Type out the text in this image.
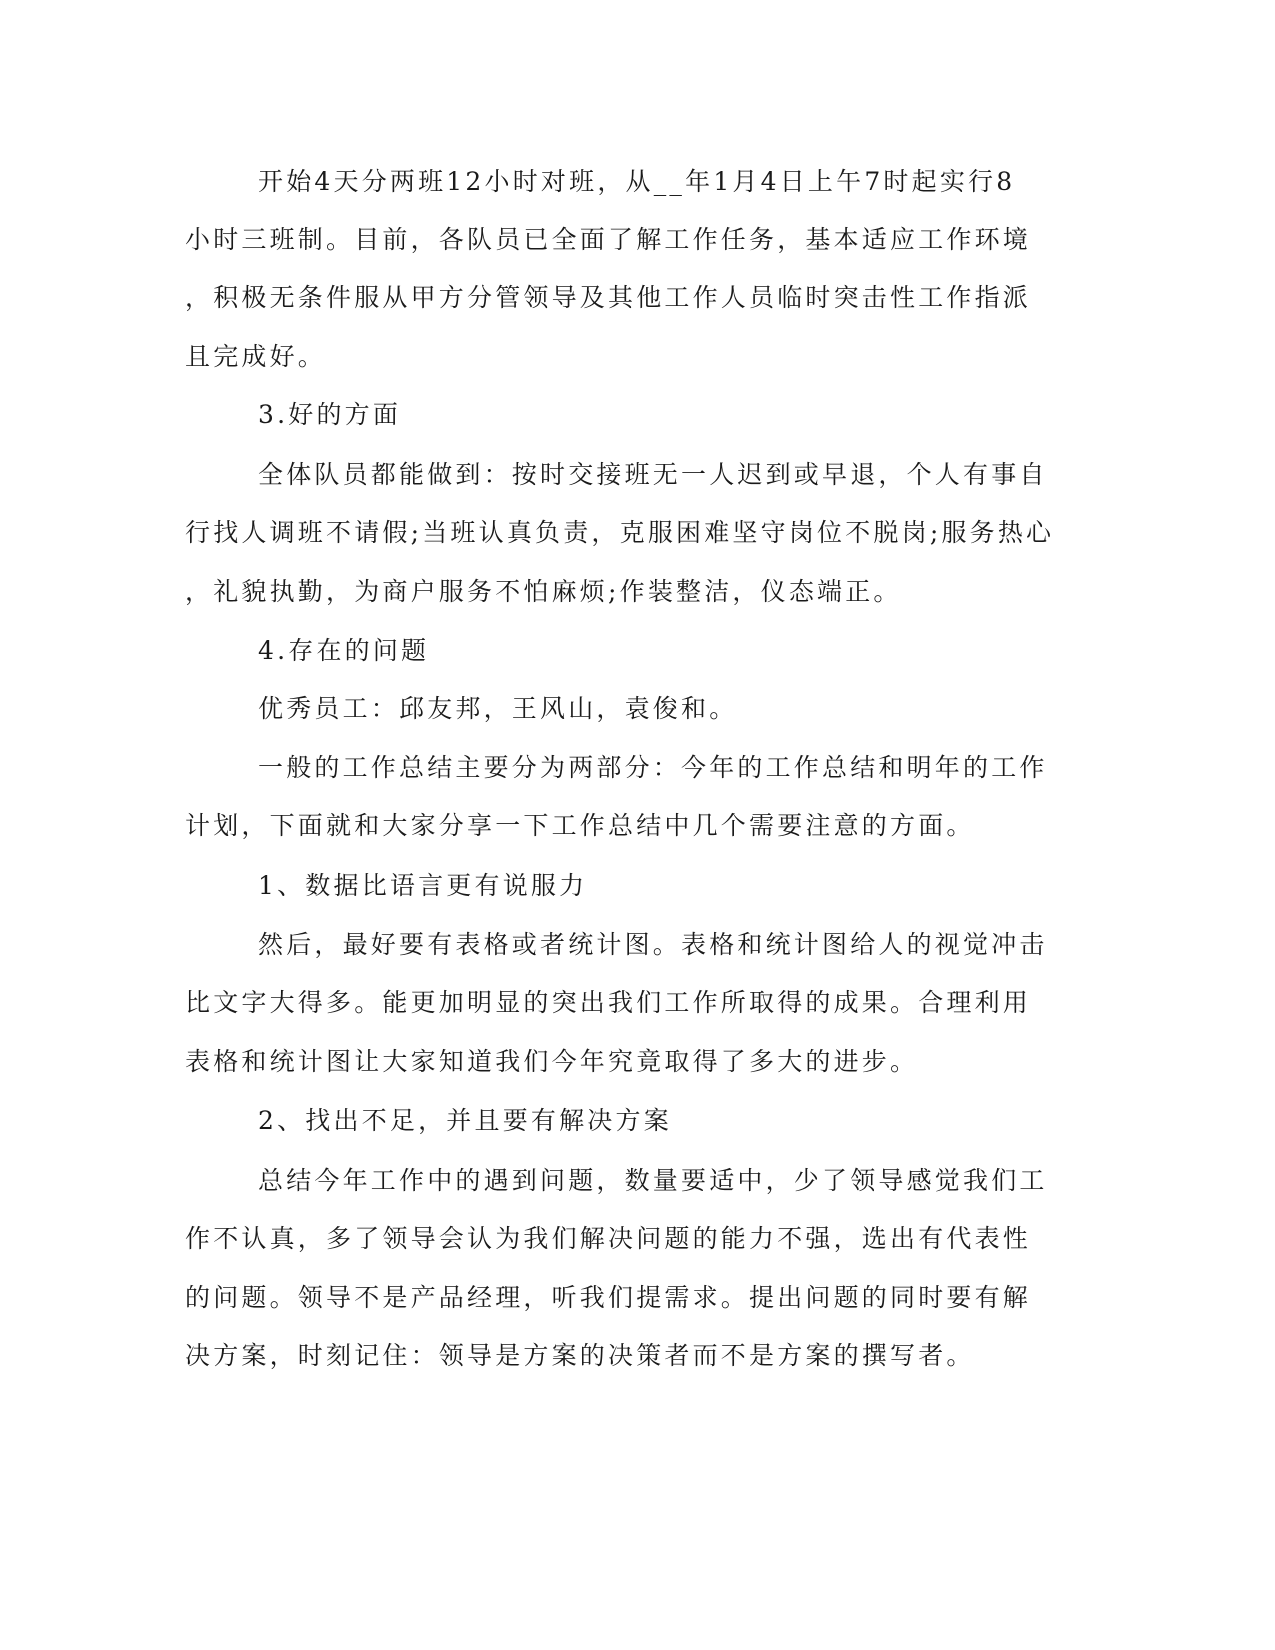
开始4天分两班12小时对班，从__年1月4日上午7时起实行8
小时三班制。目前，各队员已全面了解工作任务，基本适应工作环境
，积极无条件服从甲方分管领导及其他工作人员临时突击性工作指派
且完成好。
3.好的方面
全体队员都能做到：按时交接班无一人迟到或早退，个人有事自
行找人调班不请假;当班认真负责，克服困难坚守岗位不脱岗;服务热心
，礼貌执勤，为商户服务不怕麻烦;作装整洁，仪态端正。
4.存在的问题
优秀员工：邱友邦，王风山，袁俊和。
一般的工作总结主要分为两部分：今年的工作总结和明年的工作
计划，下面就和大家分享一下工作总结中几个需要注意的方面。
1、数据比语言更有说服力
然后，最好要有表格或者统计图。表格和统计图给人的视觉冲击
比文字大得多。能更加明显的突出我们工作所取得的成果。合理利用
表格和统计图让大家知道我们今年究竟取得了多大的进步。
2、找出不足，并且要有解决方案
总结今年工作中的遇到问题，数量要适中，少了领导感觉我们工
作不认真，多了领导会认为我们解决问题的能力不强，选出有代表性
的问题。领导不是产品经理，听我们提需求。提出问题的同时要有解
决方案，时刻记住：领导是方案的决策者而不是方案的撰写者。
